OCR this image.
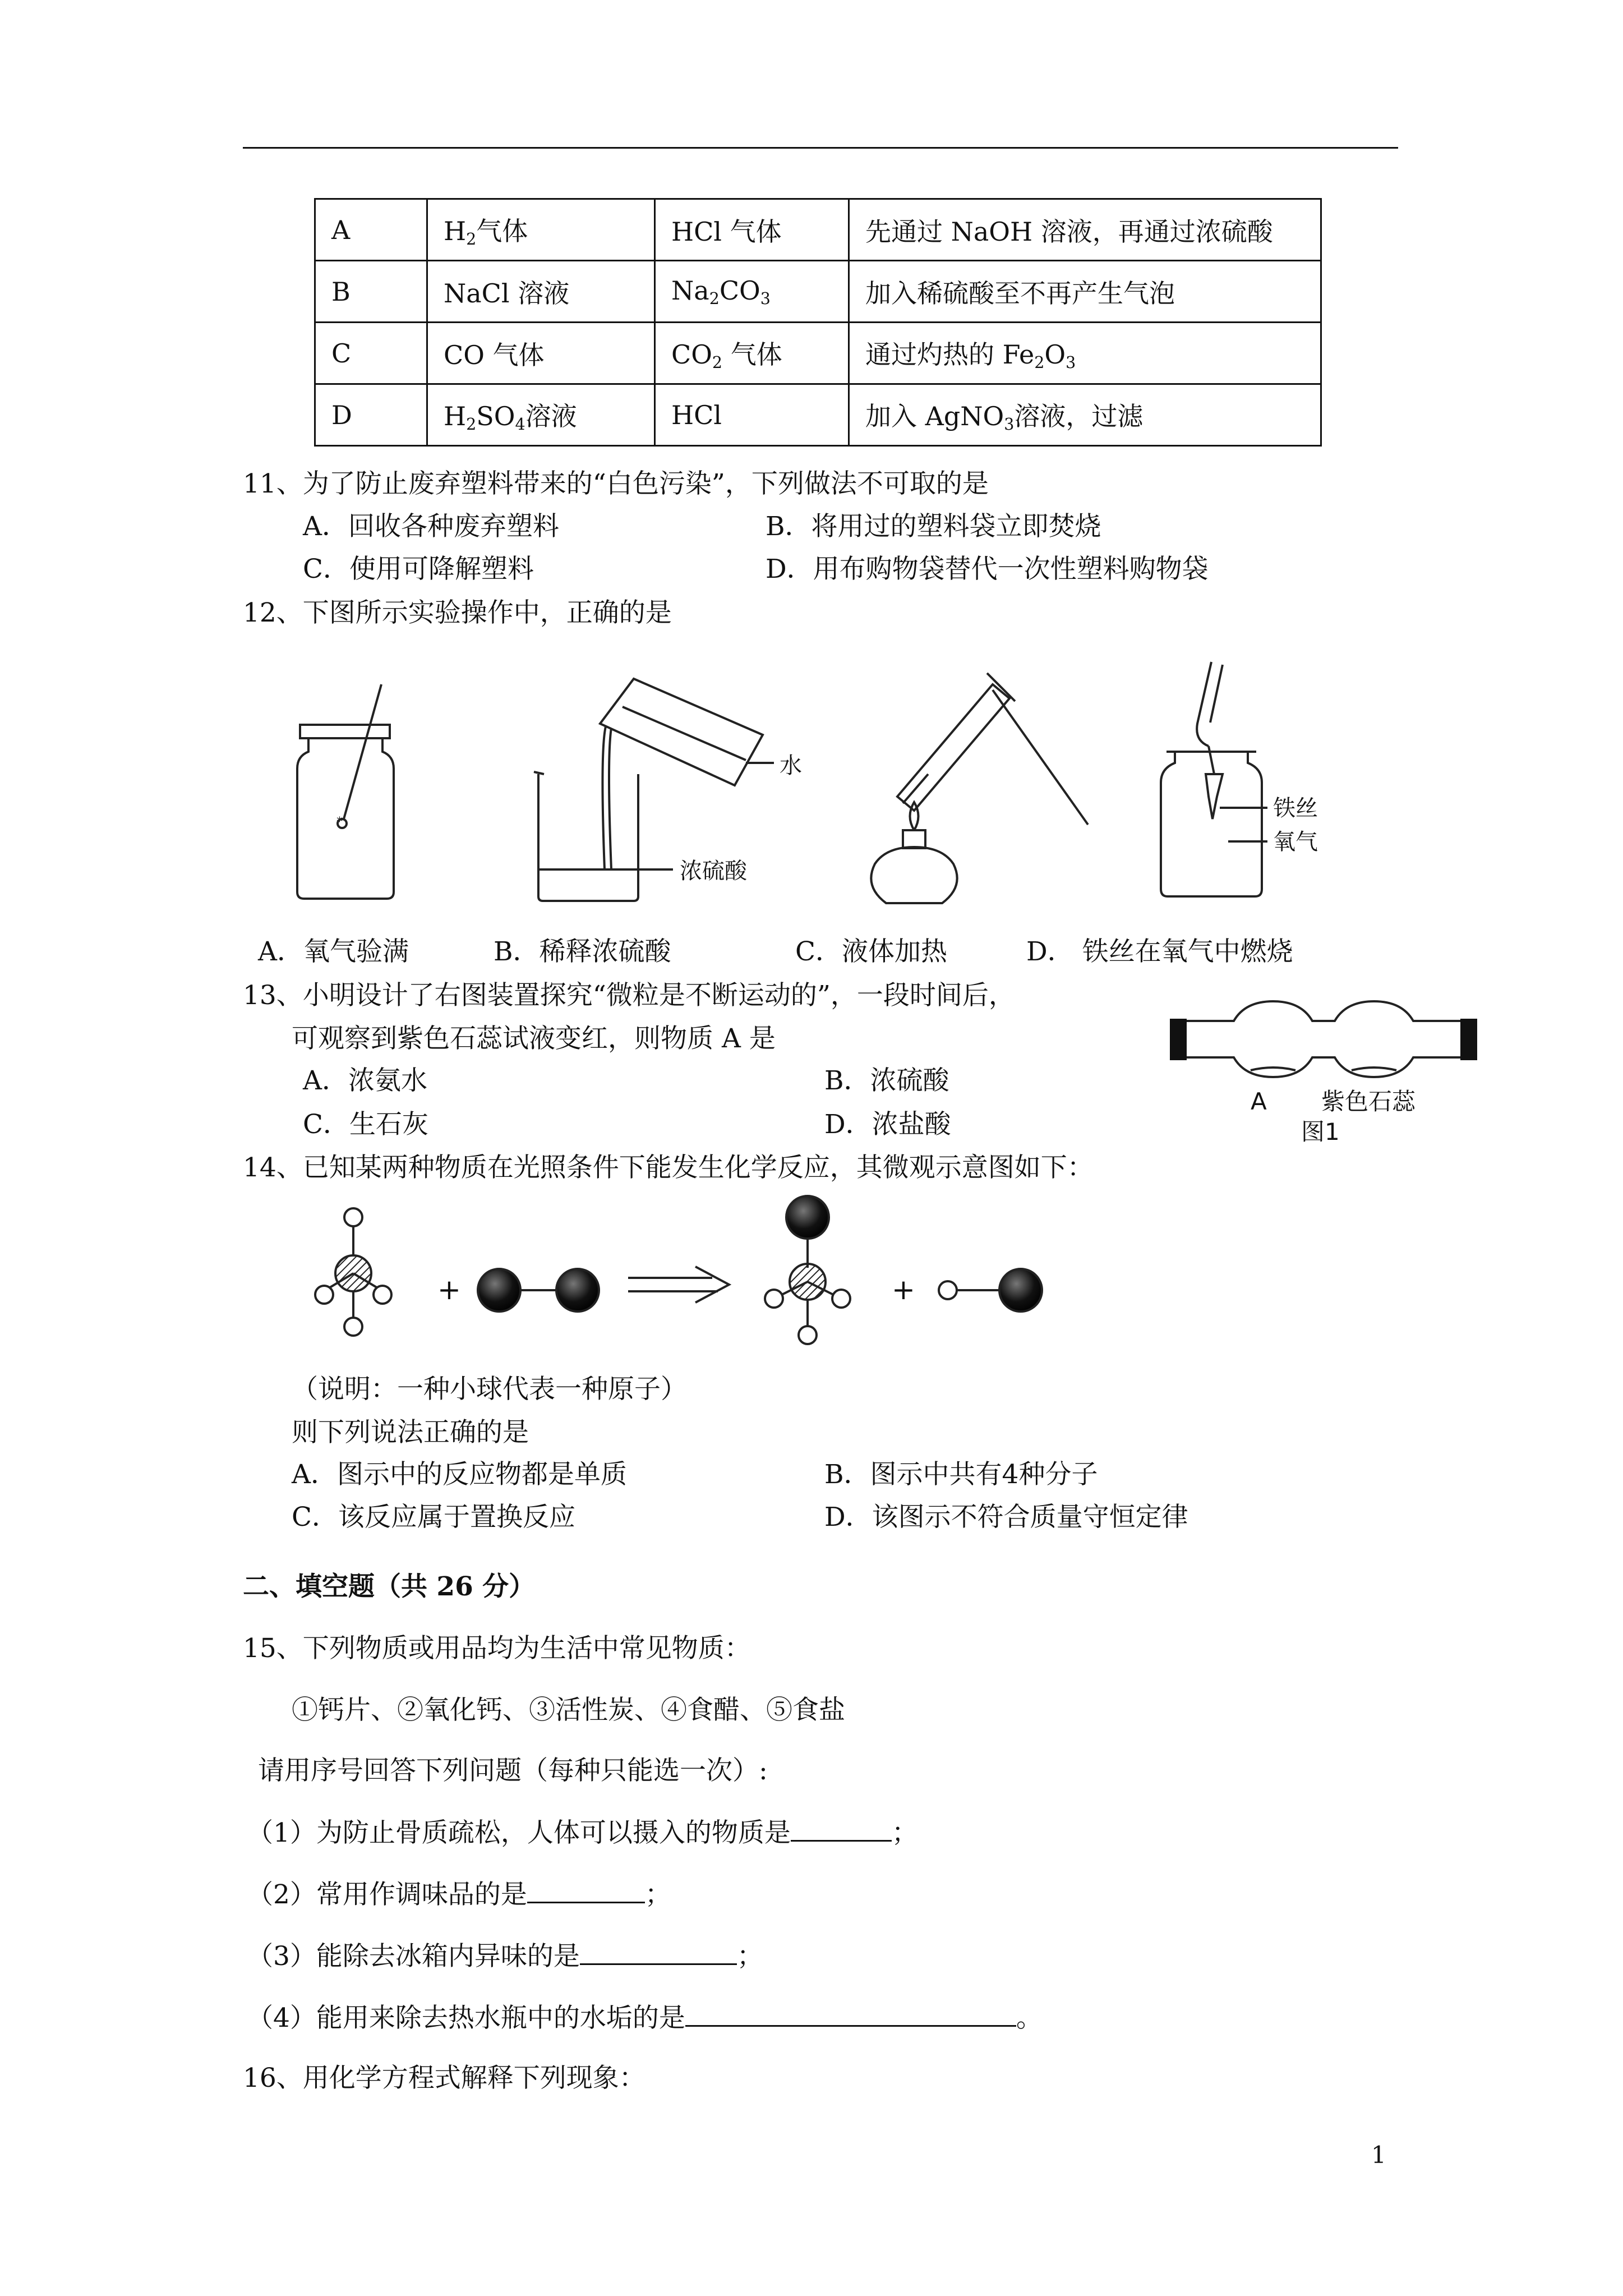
A	$H_2$气体	HCl 气体	先通过 NaOH 溶液，再通过浓硫酸
B	NaCl 溶液	$Na_2CO_3$	加入稀硫酸至不再产生气泡
C	CO 气体	$CO_2$ 气体	通过灼热的 $Fe_2O_3$
D	$H_2SO_4$溶液	HCl	加入 AgNO$_3$溶液，过滤
11、为了防止废弃塑料带来的“白色污染”，下列做法不可取的是
A．回收各种废弃塑料	B．将用过的塑料袋立即焚烧
C．使用可降解塑料	D．用布购物袋替代一次性塑料购物袋
12、下图所示实验操作中，正确的是
*
水
浓硫酸
铁丝
氧气
A．氧气验满	B．稀释浓硫酸	C．液体加热	D． 铁丝在氧气中燃烧
13、小明设计了右图装置探究“微粒是不断运动的”，一段时间后，
可观察到紫色石蕊试液变红，则物质 A 是
A．浓氨水	B．浓硫酸
C．生石灰	D．浓盐酸
A 紫色石蕊
图1
14、已知某两种物质在光照条件下能发生化学反应，其微观示意图如下：
+	+
（说明：一种小球代表一种原子）
则下列说法正确的是
A．图示中的反应物都是单质	B．图示中共有4种分子
C．该反应属于置换反应	D．该图示不符合质量守恒定律
二、填空题（共 26 分）
15、下列物质或用品均为生活中常见物质：
①钙片、②氧化钙、③活性炭、④食醋、⑤食盐
请用序号回答下列问题（每种只能选一次）:
（1）为防止骨质疏松，人体可以摄入的物质是	；
（2）常用作调味品的是	；
（3）能除去冰箱内异味的是	；
（4）能用来除去热水瓶中的水垢的是	。
16、用化学方程式解释下列现象：
1
